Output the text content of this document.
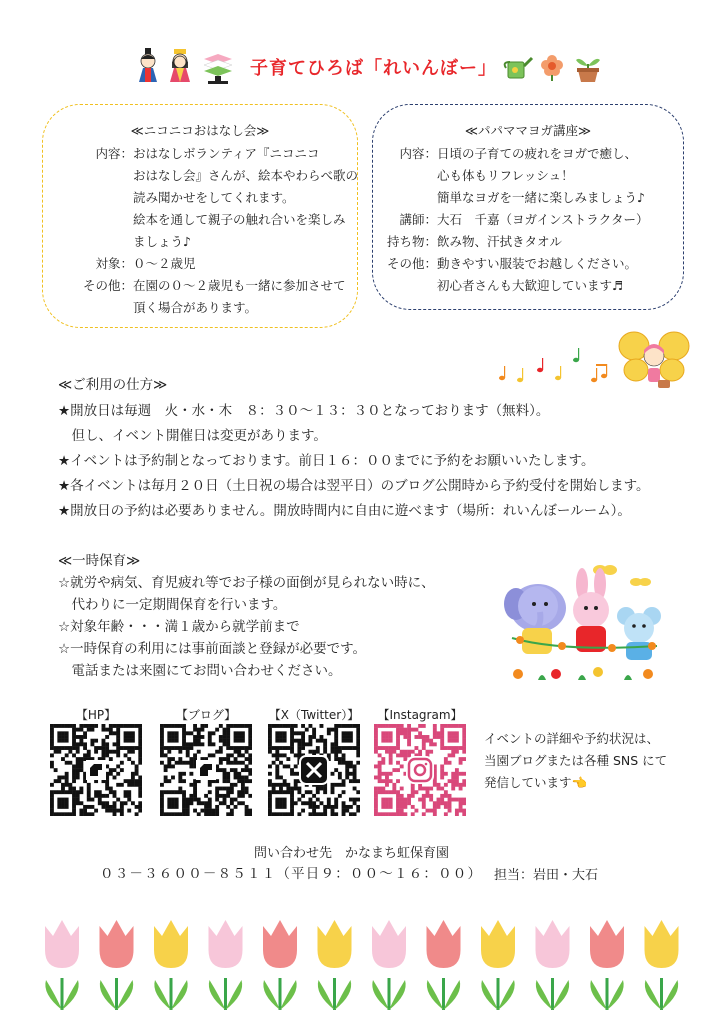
子育てひろば「れいんぼー」
≪ニコニコおはなし会≫
内容： おはなしボランティア『ニコニコ
おはなし会』さんが、絵本やわらべ歌の
読み聞かせをしてくれます。
絵本を通して親子の触れ合いを楽しみ
ましょう♪
対象： ０～２歳児
その他： 在園の０～２歳児も一緒に参加させて
頂く場合があります。
≪パパママヨガ講座≫
内容： 日頃の子育ての疲れをヨガで癒し、
心も体もリフレッシュ！
簡単なヨガを一緒に楽しみましょう♪
講師： 大石　千嘉（ヨガインストラクター）
持ち物： 飲み物、汗拭きタオル
その他： 動きやすい服装でお越しください。
初心者さんも大歓迎しています♬
≪ご利用の仕方≫
★開放日は毎週　火・水・木　８：３０～１３：３０となっております（無料）。
　但し、イベント開催日は変更があります。
★イベントは予約制となっております。前日１６：００までに予約をお願いいたします。
★各イベントは毎月２０日（土日祝の場合は翌平日）のブログ公開時から予約受付を開始します。
★開放日の予約は必要ありません。開放時間内に自由に遊べます（場所：れいんぼールーム）。
≪一時保育≫
☆就労や病気、育児疲れ等でお子様の面倒が見られない時に、
　代わりに一定期間保育を行います。
☆対象年齢・・・満１歳から就学前まで
☆一時保育の利用には事前面談と登録が必要です。
　電話または来園にてお問い合わせください。
【HP】	【ブログ】	【X（Twitter）】	【Instagram】
イベントの詳細や予約状況は、
当園ブログまたは各種 SNS にて
発信しています👈
問い合わせ先　かなまち虹保育園
０３－３６００－８５１１（平日９：００～１６：００） 担当：岩田・大石
